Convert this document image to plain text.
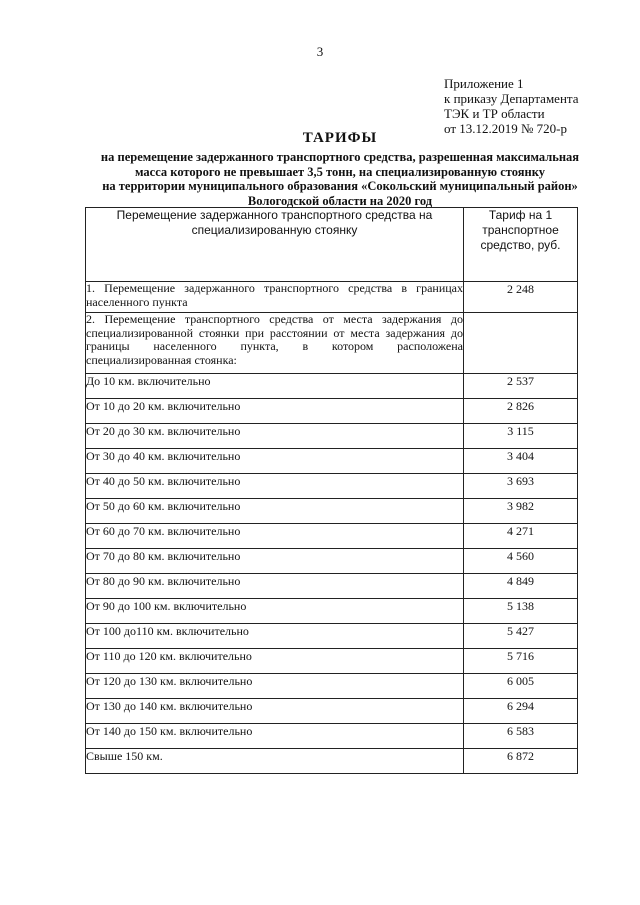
3
Приложение 1
к приказу Департамента
ТЭК и ТР области
от 13.12.2019 № 720-р
ТАРИФЫ
на перемещение задержанного транспортного средства, разрешенная максимальная
масса которого не превышает 3,5 тонн, на специализированную стоянку
на территории муниципального образования «Сокольский муниципальный район»
Вологодской области на 2020 год
Перемещение задержанного транспортного средства на специализированную стоянку	Тариф на 1 транспортное средство, руб.
1. Перемещение задержанного транспортного средства в границах населенного пункта	2 248
2. Перемещение транспортного средства от места задержания до специализированной стоянки при расстоянии от места задержания до границы населенного пункта, в котором расположена специализированная стоянка:	
До 10 км. включительно	2 537
От 10 до 20 км. включительно	2 826
От 20 до 30 км. включительно	3 115
От 30 до 40 км. включительно	3 404
От 40 до 50 км. включительно	3 693
От 50 до 60 км. включительно	3 982
От 60 до 70 км. включительно	4 271
От 70 до 80 км. включительно	4 560
От 80 до 90 км. включительно	4 849
От 90 до 100 км. включительно	5 138
От 100 до110 км. включительно	5 427
От 110 до 120 км. включительно	5 716
От 120 до 130 км. включительно	6 005
От 130 до 140 км. включительно	6 294
От 140 до 150 км. включительно	6 583
Свыше 150 км.	6 872
